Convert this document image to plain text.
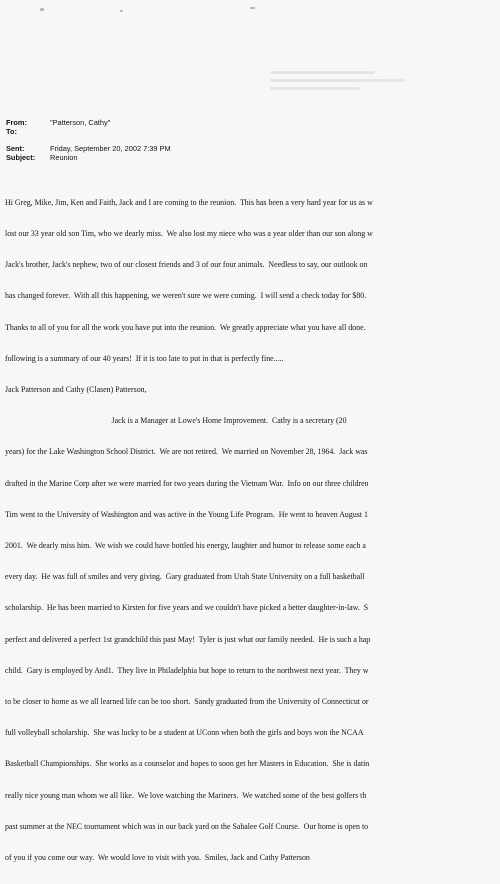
From:	"Patterson, Cathy"
To:
Sent:	Friday, September 20, 2002 7:39 PM
Subject: Reunion

Hi Greg, Mike, Jim, Ken and Faith, Jack and I are coming to the reunion.  This has been a very hard year for us as w

lost our 33 year old son Tim, who we dearly miss.  We also lost my niece who was a year older than our son along w

Jack's brother, Jack's nephew, two of our closest friends and 3 of our four animals.  Needless to say, our outlook on

has changed forever.  With all this happening, we weren't sure we were coming.  I will send a check today for $80.

Thanks to all of you for all the work you have put into the reunion.  We greatly appreciate what you have all done.

following is a summary of our 40 years!  If it is too late to put in that is perfectly fine.....

Jack Patterson and Cathy (Clasen) Patterson,

Jack is a Manager at Lowe's Home Improvement.  Cathy is a secretary (20

years) for the Lake Washington School District.  We are not retired.  We married on November 28, 1964.  Jack was

drafted in the Marine Corp after we were married for two years during the Vietnam War.  Info on our three children

Tim went to the University of Washington and was active in the Young Life Program.  He went to heaven August 1

2001.  We dearly miss him.  We wish we could have bottled his energy, laughter and humor to release some each a

every day.  He was full of smiles and very giving.  Gary graduated from Utah State University on a full basketball

scholarship.  He has been married to Kirsten for five years and we couldn't have picked a better daughter-in-law.  S

perfect and delivered a perfect 1st grandchild this past May!  Tyler is just what our family needed.  He is such a hap

child.  Gary is employed by And1.  They live in Philadelphia but hope to return to the northwest next year.  They w

to be closer to home as we all learned life can be too short.  Sandy graduated from the University of Connecticut or

full volleyball scholarship.  She was lucky to be a student at UConn when both the girls and boys won the NCAA

Basketball Championships.  She works as a counselor and hopes to soon get her Masters in Education.  She is datin

really nice young man whom we all like.  We love watching the Mariners.  We watched some of the best golfers th

past summer at the NEC tournament which was in our back yard on the Sahalee Golf Course.  Our home is open to

of you if you come our way.  We would love to visit with you.  Smiles, Jack and Cathy Patterson
